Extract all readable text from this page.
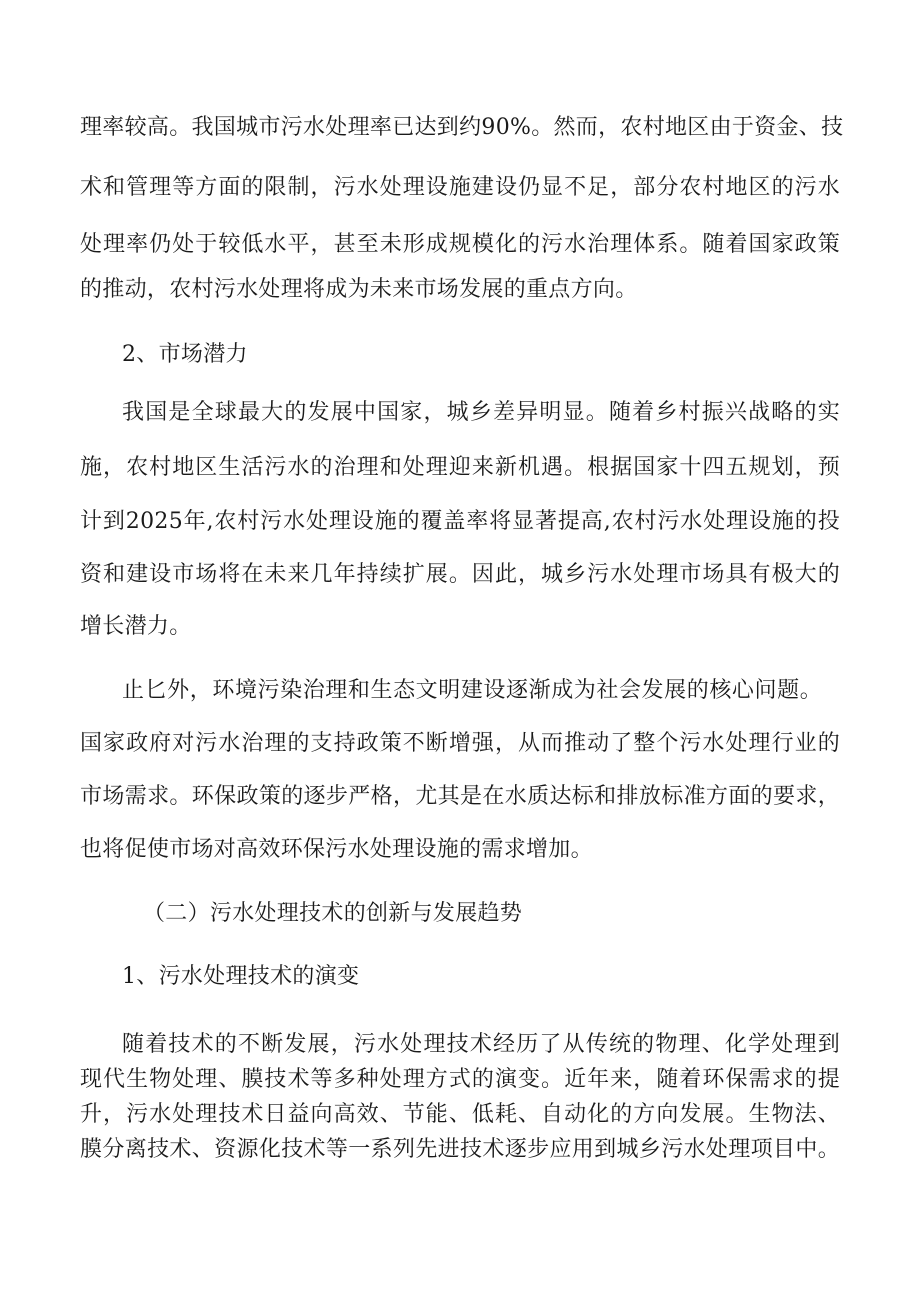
理率较高。我国城市污水处理率已达到约90%。然而，农村地区由于资金、技
术和管理等方面的限制，污水处理设施建设仍显不足，部分农村地区的污水
处理率仍处于较低水平，甚至未形成规模化的污水治理体系。随着国家政策
的推动，农村污水处理将成为未来市场发展的重点方向。
2、市场潜力
我国是全球最大的发展中国家，城乡差异明显。随着乡村振兴战略的实
施，农村地区生活污水的治理和处理迎来新机遇。根据国家十四五规划，预
计到2025年,农村污水处理设施的覆盖率将显著提高,农村污水处理设施的投
资和建设市场将在未来几年持续扩展。因此，城乡污水处理市场具有极大的
增长潜力。
止匕外，环境污染治理和生态文明建设逐渐成为社会发展的核心问题。
国家政府对污水治理的支持政策不断增强，从而推动了整个污水处理行业的
市场需求。环保政策的逐步严格，尤其是在水质达标和排放标准方面的要求，
也将促使市场对高效环保污水处理设施的需求增加。
（二）污水处理技术的创新与发展趋势
1、污水处理技术的演变
随着技术的不断发展，污水处理技术经历了从传统的物理、化学处理到
现代生物处理、膜技术等多种处理方式的演变。近年来，随着环保需求的提
升，污水处理技术日益向高效、节能、低耗、自动化的方向发展。生物法、
膜分离技术、资源化技术等一系列先进技术逐步应用到城乡污水处理项目中。
